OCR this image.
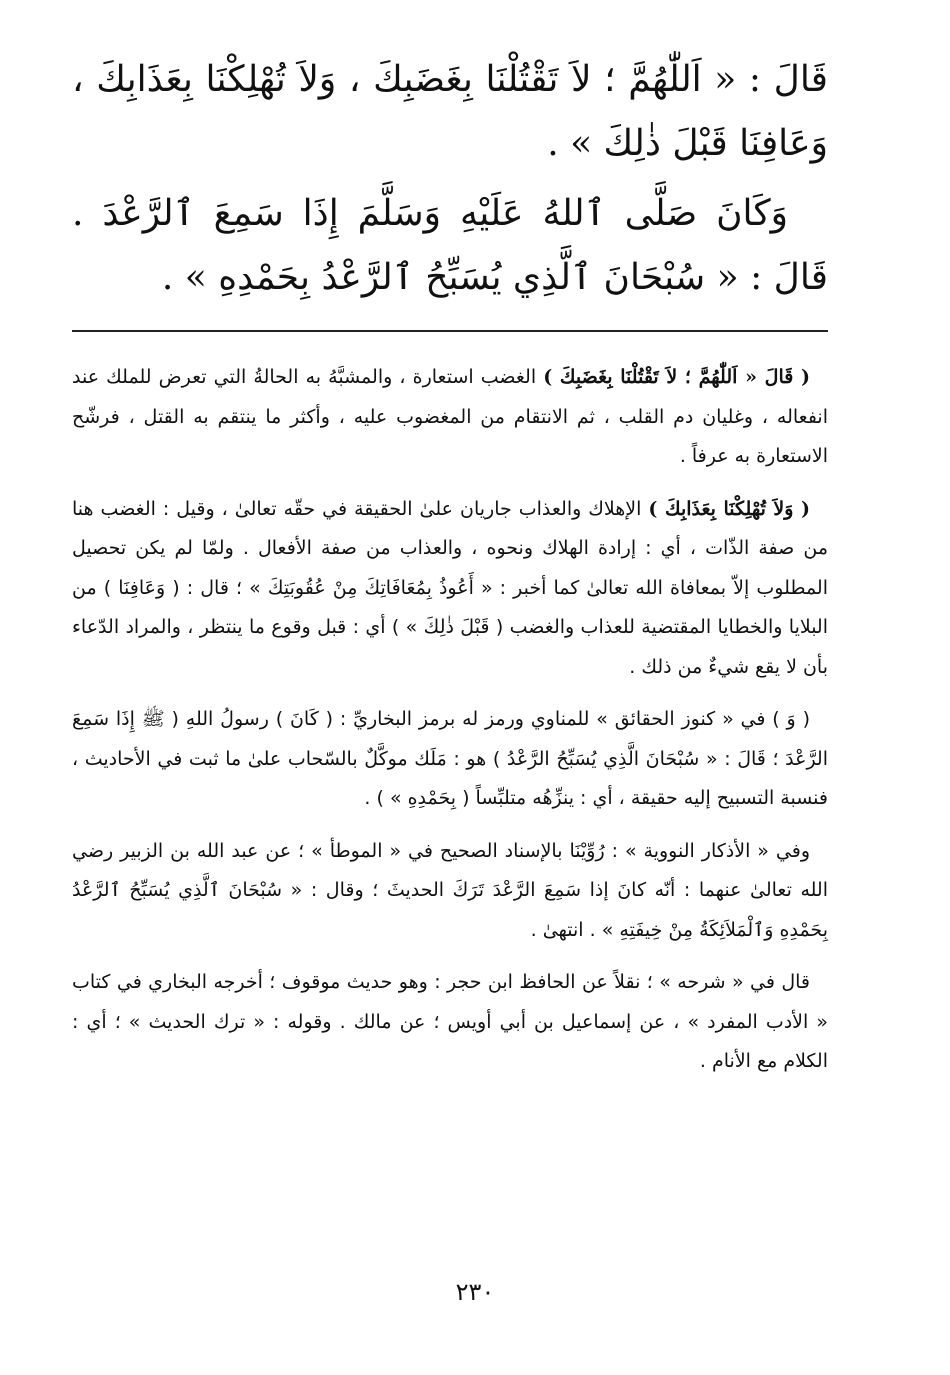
قَالَ : « اَللّٰهُمَّ ؛ لاَ تَقْتُلْنَا بِغَضَبِكَ ، وَلاَ تُهْلِكْنَا بِعَذَابِكَ ، وَعَافِنَا قَبْلَ ذٰلِكَ » .

وَكَانَ صَلَّى ٱللهُ عَلَيْهِ وَسَلَّمَ إِذَا سَمِعَ ٱلرَّعْدَ . قَالَ : « سُبْحَانَ ٱلَّذِي يُسَبِّحُ ٱلرَّعْدُ بِحَمْدِهِ » .

( قَالَ « اَللّٰهُمَّ ؛ لاَ تَقْتُلْنَا بِغَضَبِكَ ) الغضب استعارة ، والمشبَّهُ به الحالةُ التي تعرض للملك عند انفعاله ، وغليان دم القلب ، ثم الانتقام من المغضوب عليه ، وأكثر ما ينتقم به القتل ، فرشّح الاستعارة به عرفاً .

( وَلاَ تُهْلِكْنَا بِعَذَابِكَ ) الإهلاك والعذاب جاريان علىٰ الحقيقة في حقّه تعالىٰ ، وقيل : الغضب هنا من صفة الذّات ، أي : إرادة الهلاك ونحوه ، والعذاب من صفة الأفعال . ولمّا لم يكن تحصيل المطلوب إلاّ بمعافاة الله تعالىٰ كما أخبر : « أَعُوذُ بِمُعَافَاتِكَ مِنْ عُقُوبَتِكَ » ؛ قال : ( وَعَافِنَا ) من البلايا والخطايا المقتضية للعذاب والغضب ( قَبْلَ ذٰلِكَ » ) أي : قبل وقوع ما ينتظر ، والمراد الدّعاء بأن لا يقع شيءٌ من ذلك .

( وَ ) في « كنوز الحقائق » للمناوي ورمز له برمز البخاريِّ : ( كَانَ ) رسولُ اللهِ ( ﷺ إِذَا سَمِعَ الرَّعْدَ ؛ قَالَ : « سُبْحَانَ الَّذِي يُسَبِّحُ الرَّعْدُ ) هو : مَلَك موكَّلٌ بالسّحاب علىٰ ما ثبت في الأحاديث ، فنسبة التسبيح إليه حقيقة ، أي : ينزِّهُه متلبِّساً ( بِحَمْدِهِ » ) .

وفي « الأذكار النووية » : رُوِّيْنَا بالإسناد الصحيح في « الموطأ » ؛ عن عبد الله بن الزبير رضي الله تعالىٰ عنهما : أنّه كانَ إذا سَمِعَ الرَّعْدَ تَرَكَ الحديثَ ؛ وقال : « سُبْحَانَ ٱلَّذِي يُسَبِّحُ ٱلرَّعْدُ بِحَمْدِهِ وَٱلْمَلاَئِكَةُ مِنْ خِيفَتِهِ » . انتهىٰ .

قال في « شرحه » ؛ نقلاً عن الحافظ ابن حجر : وهو حديث موقوف ؛ أخرجه البخاري في كتاب « الأدب المفرد » ، عن إسماعيل بن أبي أويس ؛ عن مالك . وقوله : « ترك الحديث » ؛ أي : الكلام مع الأنام .

٢٣٠
